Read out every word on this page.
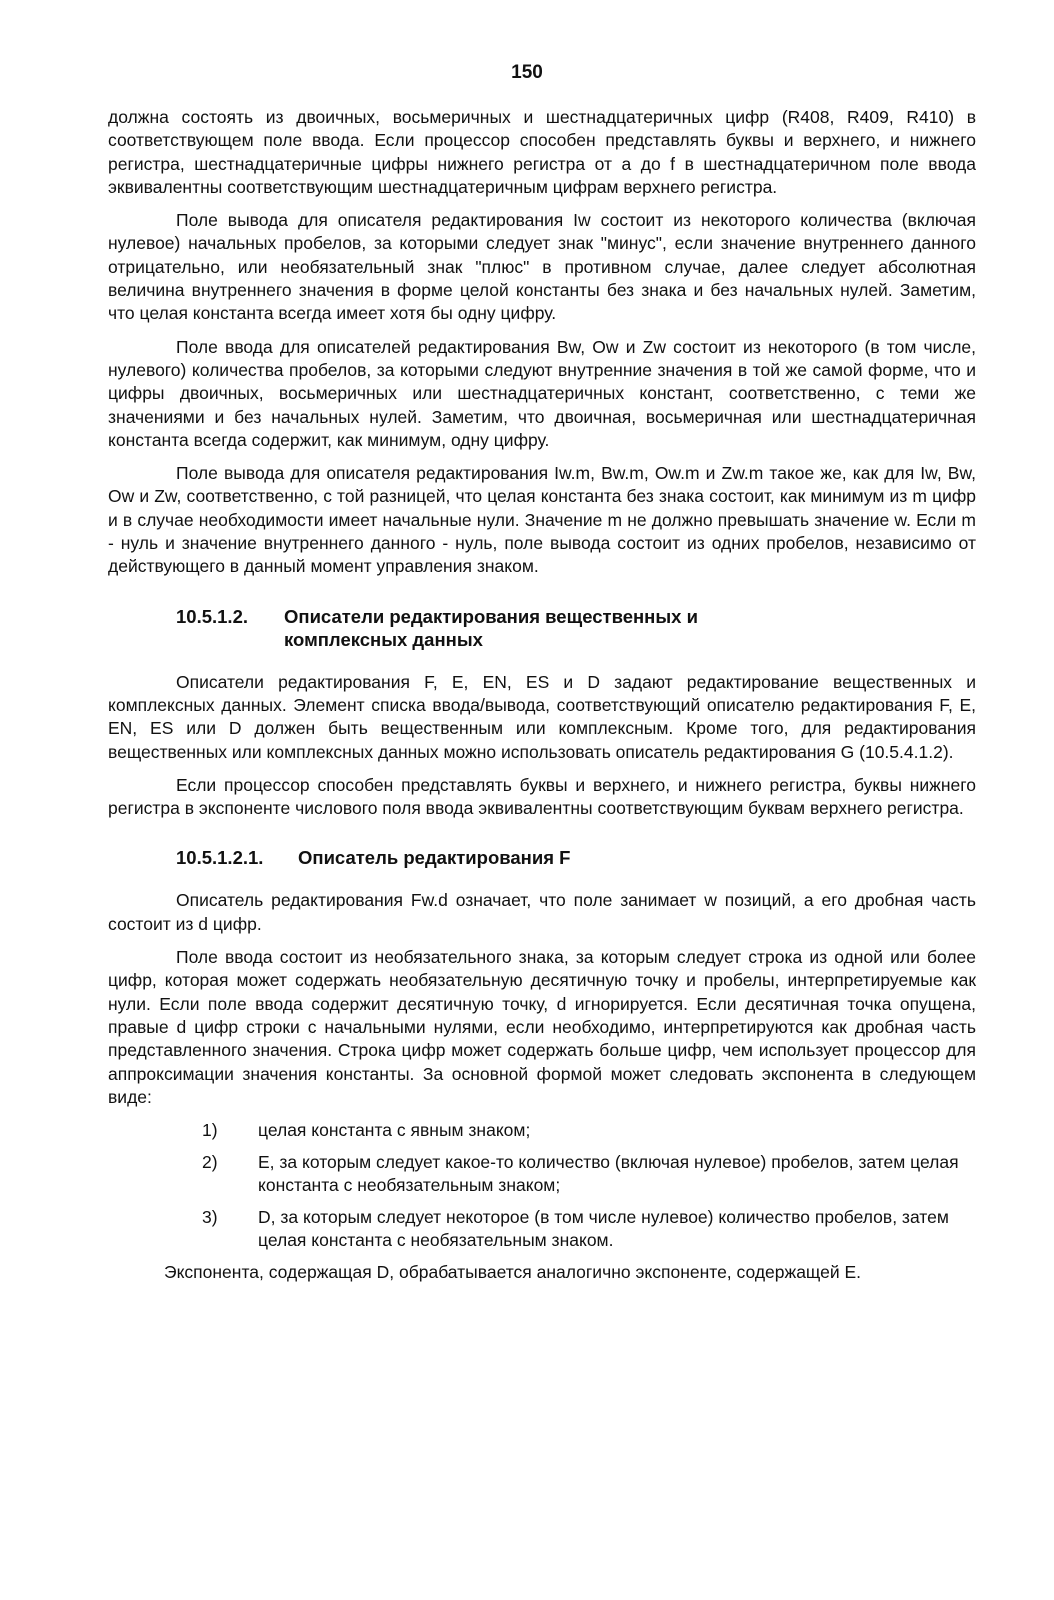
150

должна состоять из двоичных, восьмеричных и шестнадцатеричных цифр (R408, R409, R410) в соответствующем поле ввода. Если процессор способен представлять буквы и верхнего, и нижнего регистра, шестнадцатеричные цифры нижнего регистра от a до f в шестнадцатеричном поле ввода эквивалентны соответствующим шестнадцатеричным цифрам верхнего регистра.

Поле вывода для описателя редактирования Iw состоит из некоторого количества (включая нулевое) начальных пробелов, за которыми следует знак "минус", если значение внутреннего данного отрицательно, или необязательный знак "плюс" в противном случае, далее следует абсолютная величина внутреннего значения в форме целой константы без знака и без начальных нулей. Заметим, что целая константа всегда имеет хотя бы одну цифру.

Поле ввода для описателей редактирования Bw, Ow и Zw состоит из некоторого (в том числе, нулевого) количества пробелов, за которыми следуют внутренние значения в той же самой форме, что и цифры двоичных, восьмеричных или шестнадцатеричных констант, соответственно, с теми же значениями и без начальных нулей. Заметим, что двоичная, восьмеричная или шестнадцатеричная константа всегда содержит, как минимум, одну цифру.

Поле вывода для описателя редактирования Iw.m, Bw.m, Ow.m и Zw.m такое же, как для Iw, Bw, Ow и Zw, соответственно, с той разницей, что целая константа без знака состоит, как минимум из m цифр и в случае необходимости имеет начальные нули. Значение m не должно превышать значение w. Если m - нуль и значение внутреннего данного - нуль, поле вывода состоит из одних пробелов, независимо от действующего в данный момент управления знаком.

10.5.1.2.	Описатели редактирования вещественных и комплексных данных

Описатели редактирования F, E, EN, ES и D задают редактирование вещественных и комплексных данных. Элемент списка ввода/вывода, соответствующий описателю редактирования F, E, EN, ES или D должен быть вещественным или комплексным. Кроме того, для редактирования вещественных или комплексных данных можно использовать описатель редактирования G (10.5.4.1.2).

Если процессор способен представлять буквы и верхнего, и нижнего регистра, буквы нижнего регистра в экспоненте числового поля ввода эквивалентны соответствующим буквам верхнего регистра.

10.5.1.2.1.	Описатель редактирования F

Описатель редактирования Fw.d означает, что поле занимает w позиций, а его дробная часть состоит из d цифр.

Поле ввода состоит из необязательного знака, за которым следует строка из одной или более цифр, которая может содержать необязательную десятичную точку и пробелы, интерпретируемые как нули. Если поле ввода содержит десятичную точку, d игнорируется. Если десятичная точка опущена, правые d цифр строки с начальными нулями, если необходимо, интерпретируются как дробная часть представленного значения. Строка цифр может содержать больше цифр, чем использует процессор для аппроксимации значения константы. За основной формой может следовать экспонента в следующем виде:

1)	целая константа с явным знаком;
2)	E, за которым следует какое-то количество (включая нулевое) пробелов, затем целая константа с необязательным знаком;
3)	D, за которым следует некоторое (в том числе нулевое) количество пробелов, затем целая константа с необязательным знаком.

Экспонента, содержащая D, обрабатывается аналогично экспоненте, содержащей E.
